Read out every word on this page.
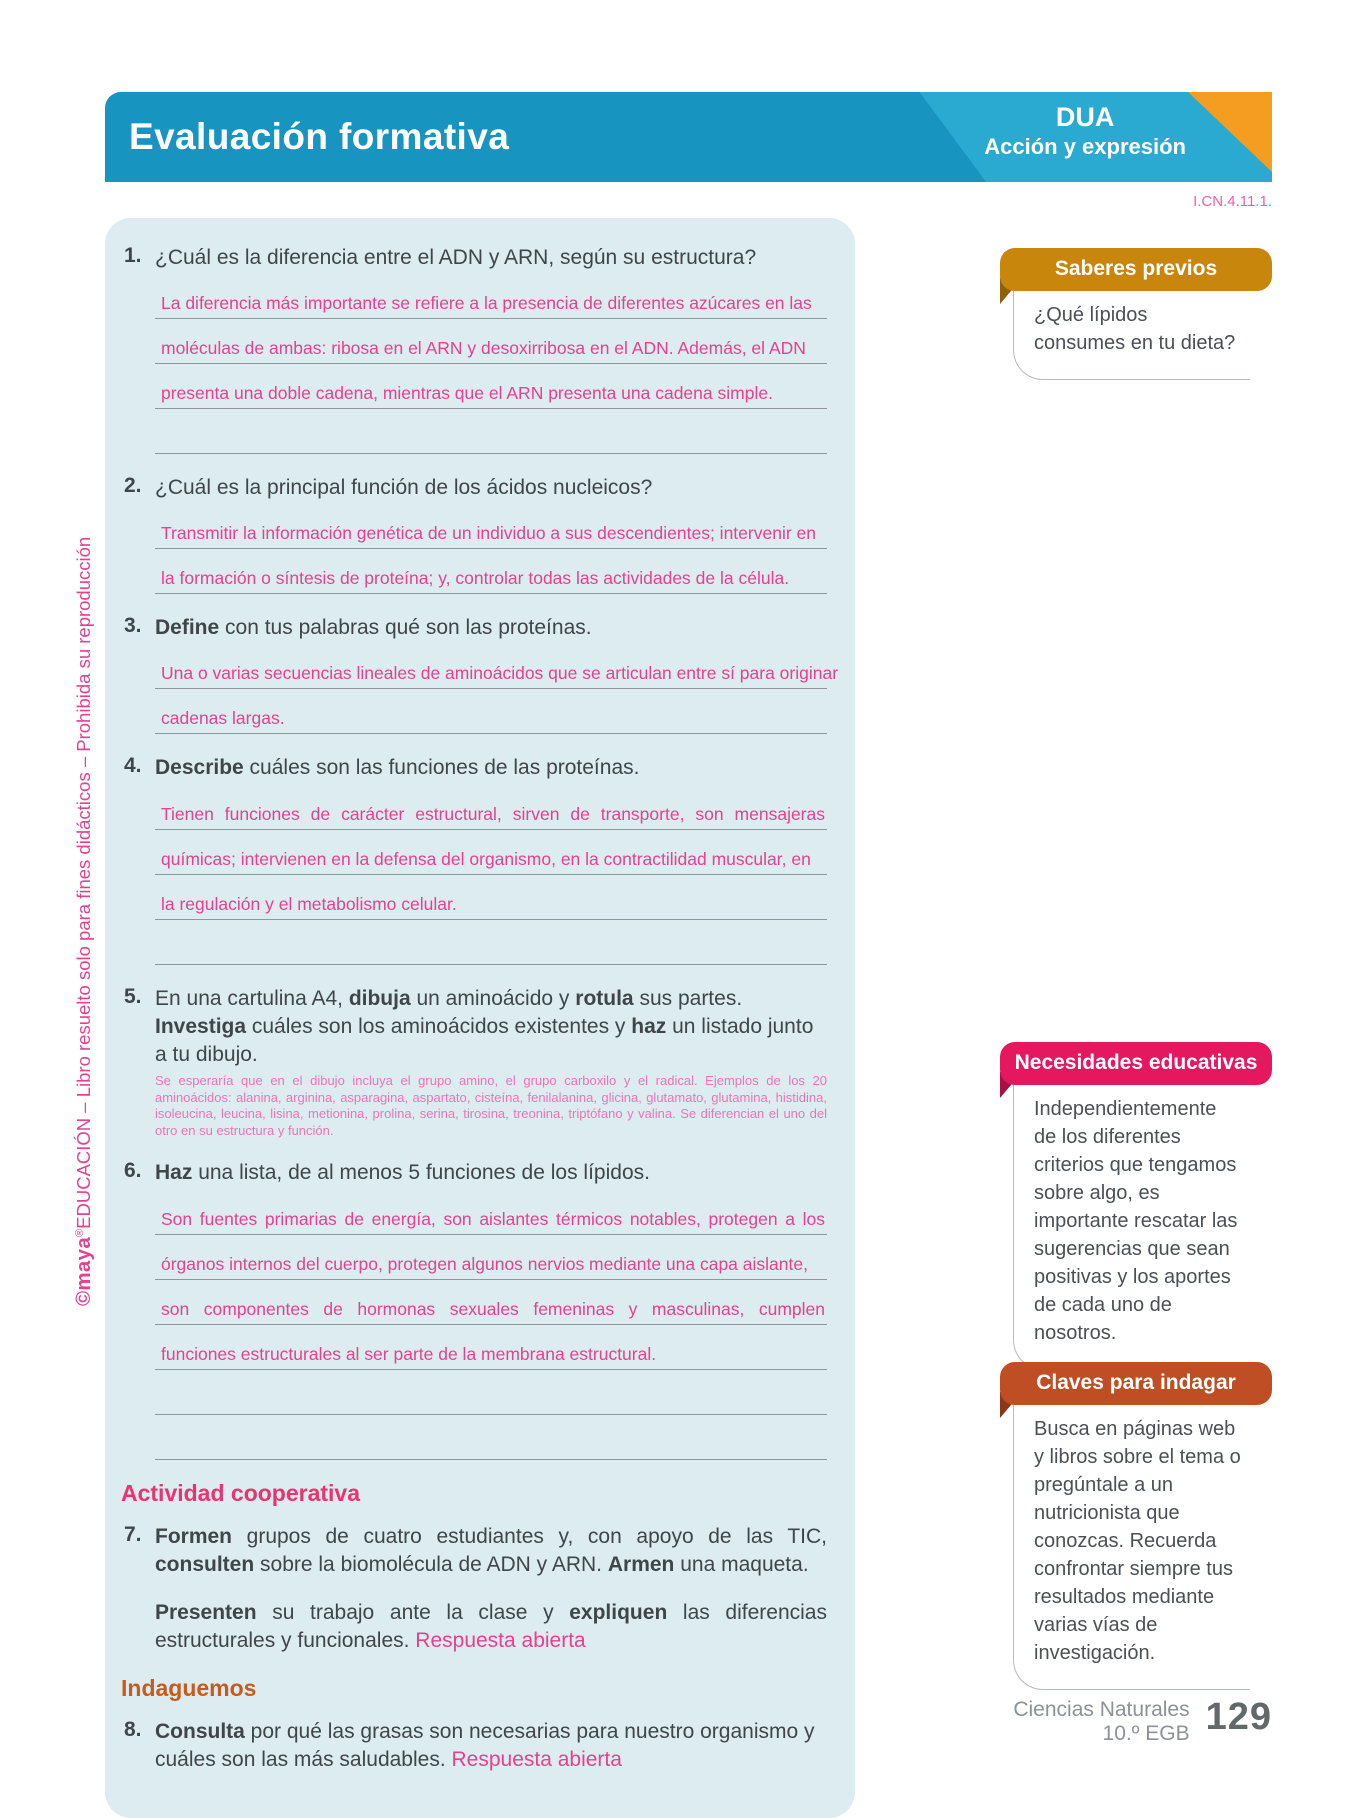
Evaluación formativa	DUA
Acción y expresión
I.CN.4.11.1.
1. ¿Cuál es la diferencia entre el ADN y ARN, según su estructura?
La diferencia más importante se refiere a la presencia de diferentes azúcares en las
moléculas de ambas: ribosa en el ARN y desoxirribosa en el ADN. Además, el ADN
presenta una doble cadena, mientras que el ARN presenta una cadena simple.
2. ¿Cuál es la principal función de los ácidos nucleicos?
Transmitir la información genética de un individuo a sus descendientes; intervenir en
la formación o síntesis de proteína; y, controlar todas las actividades de la célula.
3. Define con tus palabras qué son las proteínas.
Una o varias secuencias lineales de aminoácidos que se articulan entre sí para originar
cadenas largas.
4. Describe cuáles son las funciones de las proteínas.
Tienen funciones de carácter estructural, sirven de transporte, son mensajeras
químicas; intervienen en la defensa del organismo, en la contractilidad muscular, en
la regulación y el metabolismo celular.
5. En una cartulina A4, dibuja un aminoácido y rotula sus partes. Investiga cuáles son los aminoácidos existentes y haz un listado junto a tu dibujo.
Se esperaría que en el dibujo incluya el grupo amino, el grupo carboxilo y el radical. Ejemplos de los 20 aminoácidos: alanina, arginina, asparagina, aspartato, cisteína, fenilalanina, glicina, glutamato, glutamina, histidina, isoleucina, leucina, lisina, metionina, prolina, serina, tirosina, treonina, triptófano y valina. Se diferencian el uno del otro en su estructura y función.
6. Haz una lista, de al menos 5 funciones de los lípidos.
Son fuentes primarias de energía, son aislantes térmicos notables, protegen a los
órganos internos del cuerpo, protegen algunos nervios mediante una capa aislante,
son componentes de hormonas sexuales femeninas y masculinas, cumplen
funciones estructurales al ser parte de la membrana estructural.
Actividad cooperativa
7. Formen grupos de cuatro estudiantes y, con apoyo de las TIC, consulten sobre la biomolécula de ADN y ARN. Armen una maqueta.
Presenten su trabajo ante la clase y expliquen las diferencias estructurales y funcionales. Respuesta abierta
Indaguemos
8. Consulta por qué las grasas son necesarias para nuestro organismo y cuáles son las más saludables. Respuesta abierta
Saberes previos
¿Qué lípidos consumes en tu dieta?
Necesidades educativas
Independientemente de los diferentes criterios que tengamos sobre algo, es importante rescatar las sugerencias que sean positivas y los aportes de cada uno de nosotros.
Claves para indagar
Busca en páginas web y libros sobre el tema o pregúntale a un nutricionista que conozcas. Recuerda confrontar siempre tus resultados mediante varias vías de investigación.
©maya®EDUCACIÓN – Libro resuelto solo para fines didácticos – Prohibida su reproducción
Ciencias Naturales
10.º EGB 129
